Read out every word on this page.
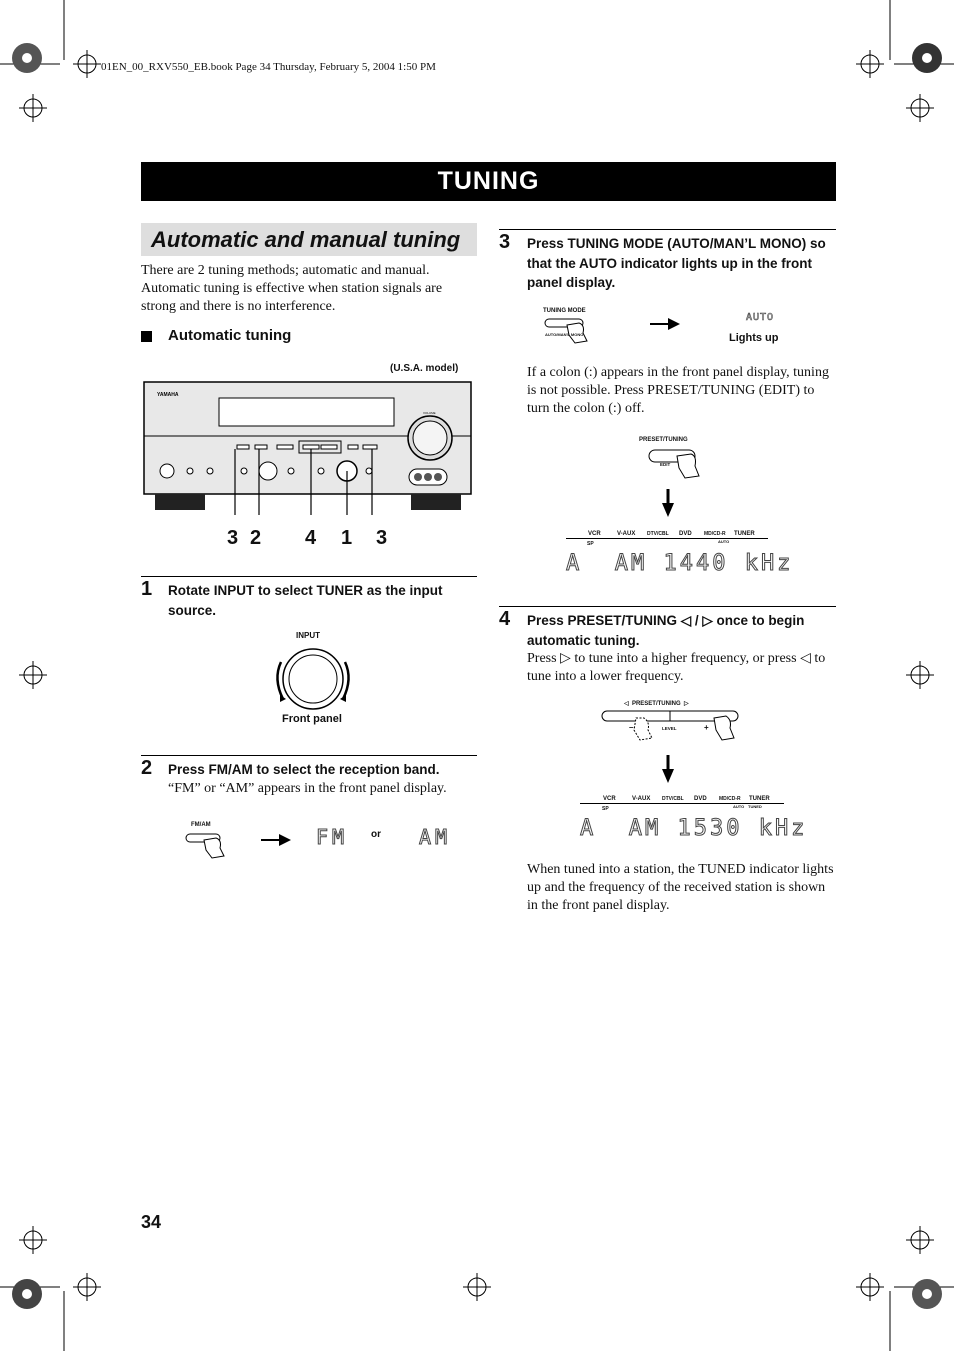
01EN_00_RXV550_EB.book Page 34 Thursday, February 5, 2004 1:50 PM
TUNING
Automatic and manual tuning
There are 2 tuning methods; automatic and manual. Automatic tuning is effective when station signals are strong and there is no interference.
Automatic tuning
(U.S.A. model)
YAMAHA
VOLUME
3 2 4 1 3
1 Rotate INPUT to select TUNER as the input source.
INPUT
Front panel
2 Press FM/AM to select the reception band.
“FM” or “AM” appears in the front panel display.
FM/AM	FM or AM
3 Press TUNING MODE (AUTO/MAN’L MONO) so that the AUTO indicator lights up in the front panel display.
TUNING MODE
AUTO/MAN'L MONO
AUTO
Lights up
If a colon (:) appears in the front panel display, tuning is not possible. Press PRESET/TUNING (EDIT) to turn the colon (:) off.
PRESET/TUNING
EDIT
VCR	V-AUX DTV/CBL DVD MD/CD-R TUNER
SP	AUTO
A  AM 1440 kHz
4 Press PRESET/TUNING ◁ / ▷ once to begin automatic tuning.
Press ▷ to tune into a higher frequency, or press ◁ to tune into a lower frequency.
◁  PRESET/TUNING  ▷
–	LEVEL	+
VCR	V-AUX DTV/CBL DVD MD/CD-R TUNER
SP	AUTO TUNED
A  AM 1530 kHz
When tuned into a station, the TUNED indicator lights up and the frequency of the received station is shown in the front panel display.
34
